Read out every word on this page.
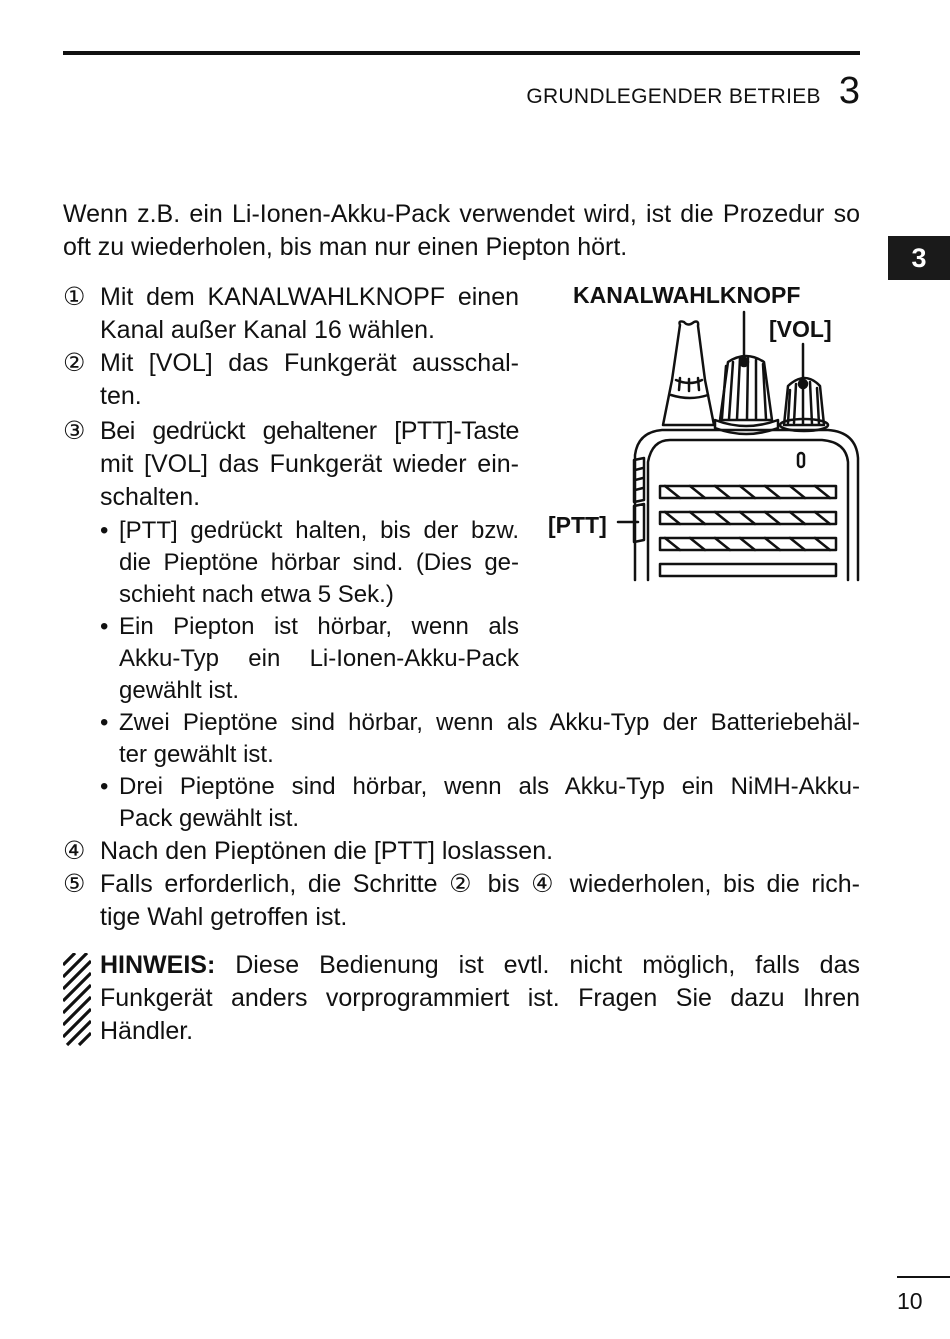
GRUNDLEGENDER BETRIEB 3
3
Wenn z.B. ein Li-Ionen-Akku-Pack verwendet wird, ist die Prozedur so oft zu wiederholen, bis man nur einen Piepton hört.
① Mit dem KANALWAHLKNOPF einen
Kanal außer Kanal 16 wählen.
② Mit [VOL] das Funkgerät ausschal-
ten.
③ Bei gedrückt gehaltener [PTT]-Taste
mit [VOL] das Funkgerät wieder ein-
schalten.
• [PTT] gedrückt halten, bis der bzw.
die Pieptöne hörbar sind. (Dies ge-
schieht nach etwa 5 Sek.)
• Ein Piepton ist hörbar, wenn als
Akku-Typ ein Li-Ionen-Akku-Pack
gewählt ist.
• Zwei Pieptöne sind hörbar, wenn als Akku-Typ der Batteriebehäl-
ter gewählt ist.
• Drei Pieptöne sind hörbar, wenn als Akku-Typ ein NiMH-Akku-
Pack gewählt ist.
④ Nach den Pieptönen die [PTT] loslassen.
⑤ Falls erforderlich, die Schritte ② bis ④ wiederholen, bis die rich-
tige Wahl getroffen ist.
KANALWAHLKNOPF
[VOL]
[PTT]
HINWEIS: Diese Bedienung ist evtl. nicht möglich, falls das Funkgerät anders vorprogrammiert ist. Fragen Sie dazu Ihren Händler.
10
